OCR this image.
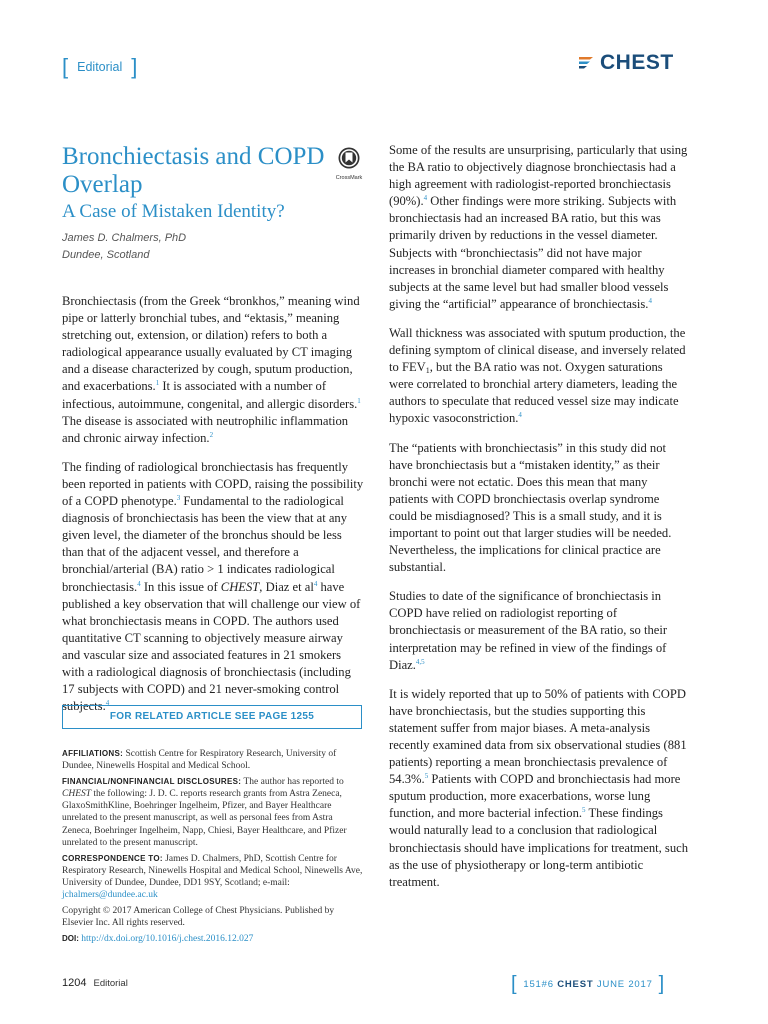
[ Editorial ]	CHEST
Bronchiectasis and COPD Overlap
A Case of Mistaken Identity?
James D. Chalmers, PhD
Dundee, Scotland
CrossMark

Bronchiectasis (from the Greek “bronkhos,” meaning wind pipe or latterly bronchial tubes, and “ektasis,” meaning stretching out, extension, or dilation) refers to both a radiological appearance usually evaluated by CT imaging and a disease characterized by cough, sputum production, and exacerbations.$^1$ It is associated with a number of infectious, autoimmune, congenital, and allergic disorders.$^1$ The disease is associated with neutrophilic inflammation and chronic airway infection.$^2$

The finding of radiological bronchiectasis has frequently been reported in patients with COPD, raising the possibility of a COPD phenotype.$^3$ Fundamental to the radiological diagnosis of bronchiectasis has been the view that at any given level, the diameter of the bronchus should be less than that of the adjacent vessel, and therefore a bronchial/arterial (BA) ratio > 1 indicates radiological bronchiectasis.$^4$ In this issue of CHEST, Diaz et $al^4$ have published a key observation that will challenge our view of what bronchiectasis means in COPD. The authors used quantitative CT scanning to objectively measure airway and vascular size and associated features in 21 smokers with a radiological diagnosis of bronchiectasis (including 17 subjects with COPD) and 21 never-smoking control subjects.$^4$

FOR RELATED ARTICLE SEE PAGE 1255
AFFILIATIONS: Scottish Centre for Respiratory Research, University of Dundee, Ninewells Hospital and Medical School.
FINANCIAL/NONFINANCIAL DISCLOSURES: The author has reported to CHEST the following: J. D. C. reports research grants from Astra Zeneca, GlaxoSmithKline, Boehringer Ingelheim, Pfizer, and Bayer Healthcare unrelated to the present manuscript, as well as personal fees from Astra Zeneca, Boehringer Ingelheim, Napp, Chiesi, Bayer Healthcare, and Pfizer unrelated to the present manuscript.
CORRESPONDENCE TO: James D. Chalmers, PhD, Scottish Centre for Respiratory Research, Ninewells Hospital and Medical School, Ninewells Ave, University of Dundee, Dundee, DD1 9SY, Scotland; e-mail: jchalmers@dundee.ac.uk
Copyright © 2017 American College of Chest Physicians. Published by Elsevier Inc. All rights reserved.
DOI: http://dx.doi.org/10.1016/j.chest.2016.12.027

Some of the results are unsurprising, particularly that using the BA ratio to objectively diagnose bronchiectasis had a high agreement with radiologist-reported bronchiectasis (90%).$^4$ Other findings were more striking. Subjects with bronchiectasis had an increased BA ratio, but this was primarily driven by reductions in the vessel diameter. Subjects with “bronchiectasis” did not have major increases in bronchial diameter compared with healthy subjects at the same level but had smaller blood vessels giving the “artificial” appearance of bronchiectasis.$^4$

Wall thickness was associated with sputum production, the defining symptom of clinical disease, and inversely related to $FEV_1$, but the BA ratio was not. Oxygen saturations were correlated to bronchial artery diameters, leading the authors to speculate that reduced vessel size may indicate hypoxic vasoconstriction.$^4$

The “patients with bronchiectasis” in this study did not have bronchiectasis but a “mistaken identity,” as their bronchi were not ectatic. Does this mean that many patients with COPD bronchiectasis overlap syndrome could be misdiagnosed? This is a small study, and it is important to point out that larger studies will be needed. Nevertheless, the implications for clinical practice are substantial.

Studies to date of the significance of bronchiectasis in COPD have relied on radiologist reporting of bronchiectasis or measurement of the BA ratio, so their interpretation may be refined in view of the findings of Diaz.$^{4,5}$

It is widely reported that up to 50% of patients with COPD have bronchiectasis, but the studies supporting this statement suffer from major biases. A meta-analysis recently examined data from six observational studies (881 patients) reporting a mean bronchiectasis prevalence of 54.3%.$^5$ Patients with COPD and bronchiectasis had more sputum production, more exacerbations, worse lung function, and more bacterial infection.$^5$ These findings would naturally lead to a conclusion that radiological bronchiectasis should have implications for treatment, such as the use of physiotherapy or long-term antibiotic treatment.

1204 Editorial	[ 151#6 CHEST JUNE 2017 ]
